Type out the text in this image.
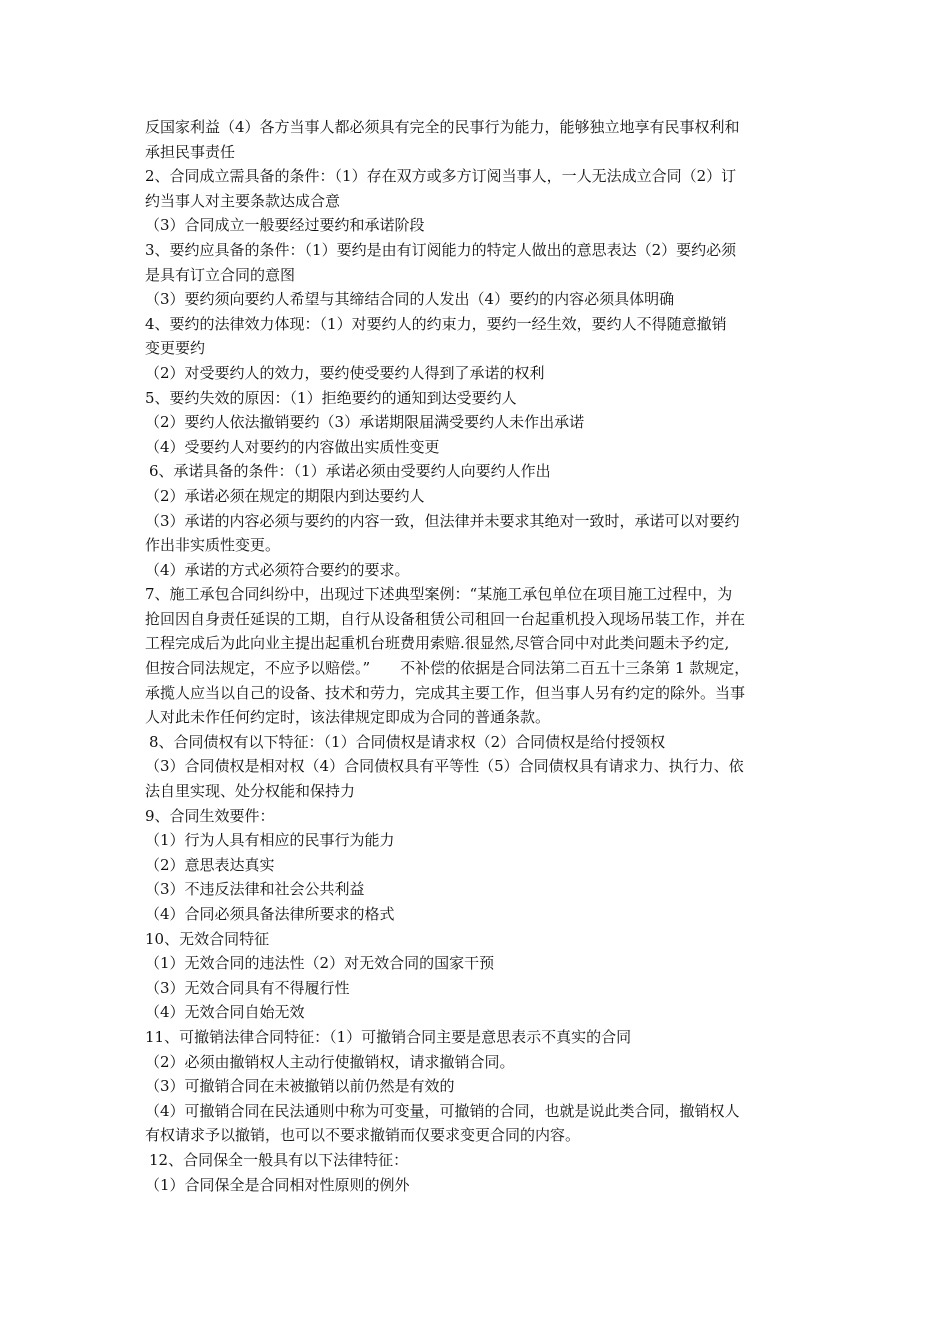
反国家利益（4）各方当事人都必须具有完全的民事行为能力，能够独立地享有民事权利和
承担民事责任
2、合同成立需具备的条件：（1）存在双方或多方订阅当事人，一人无法成立合同（2）订
约当事人对主要条款达成合意
（3）合同成立一般要经过要约和承诺阶段
3、要约应具备的条件：（1）要约是由有订阅能力的特定人做出的意思表达（2）要约必须
是具有订立合同的意图
（3）要约须向要约人希望与其缔结合同的人发出（4）要约的内容必须具体明确
4、要约的法律效力体现：（1）对要约人的约束力，要约一经生效，要约人不得随意撤销
变更要约
（2）对受要约人的效力，要约使受要约人得到了承诺的权利
5、要约失效的原因：（1）拒绝要约的通知到达受要约人
（2）要约人依法撤销要约（3）承诺期限届满受要约人未作出承诺
（4）受要约人对要约的内容做出实质性变更
6、承诺具备的条件：（1）承诺必须由受要约人向要约人作出
（2）承诺必须在规定的期限内到达要约人
（3）承诺的内容必须与要约的内容一致，但法律并未要求其绝对一致时，承诺可以对要约
作出非实质性变更。
（4）承诺的方式必须符合要约的要求。
7、施工承包合同纠纷中，出现过下述典型案例：“某施工承包单位在项目施工过程中，为
抢回因自身责任延误的工期，自行从设备租赁公司租回一台起重机投入现场吊装工作，并在
工程完成后为此向业主提出起重机台班费用索赔.很显然,尽管合同中对此类问题未予约定,
但按合同法规定，不应予以赔偿。”　　不补偿的依据是合同法第二百五十三条第 1 款规定，
承揽人应当以自己的设备、技术和劳力，完成其主要工作，但当事人另有约定的除外。当事
人对此未作任何约定时，该法律规定即成为合同的普通条款。
8、合同债权有以下特征：（1）合同债权是请求权（2）合同债权是给付授领权
（3）合同债权是相对权（4）合同债权具有平等性（5）合同债权具有请求力、执行力、依
法自里实现、处分权能和保持力
9、合同生效要件：
（1）行为人具有相应的民事行为能力
（2）意思表达真实
（3）不违反法律和社会公共利益
（4）合同必须具备法律所要求的格式
10、无效合同特征
（1）无效合同的违法性（2）对无效合同的国家干预
（3）无效合同具有不得履行性
（4）无效合同自始无效
11、可撤销法律合同特征：（1）可撤销合同主要是意思表示不真实的合同
（2）必须由撤销权人主动行使撤销权，请求撤销合同。
（3）可撤销合同在未被撤销以前仍然是有效的
（4）可撤销合同在民法通则中称为可变量，可撤销的合同，也就是说此类合同，撤销权人
有权请求予以撤销，也可以不要求撤销而仅要求变更合同的内容。
12、合同保全一般具有以下法律特征：
（1）合同保全是合同相对性原则的例外
